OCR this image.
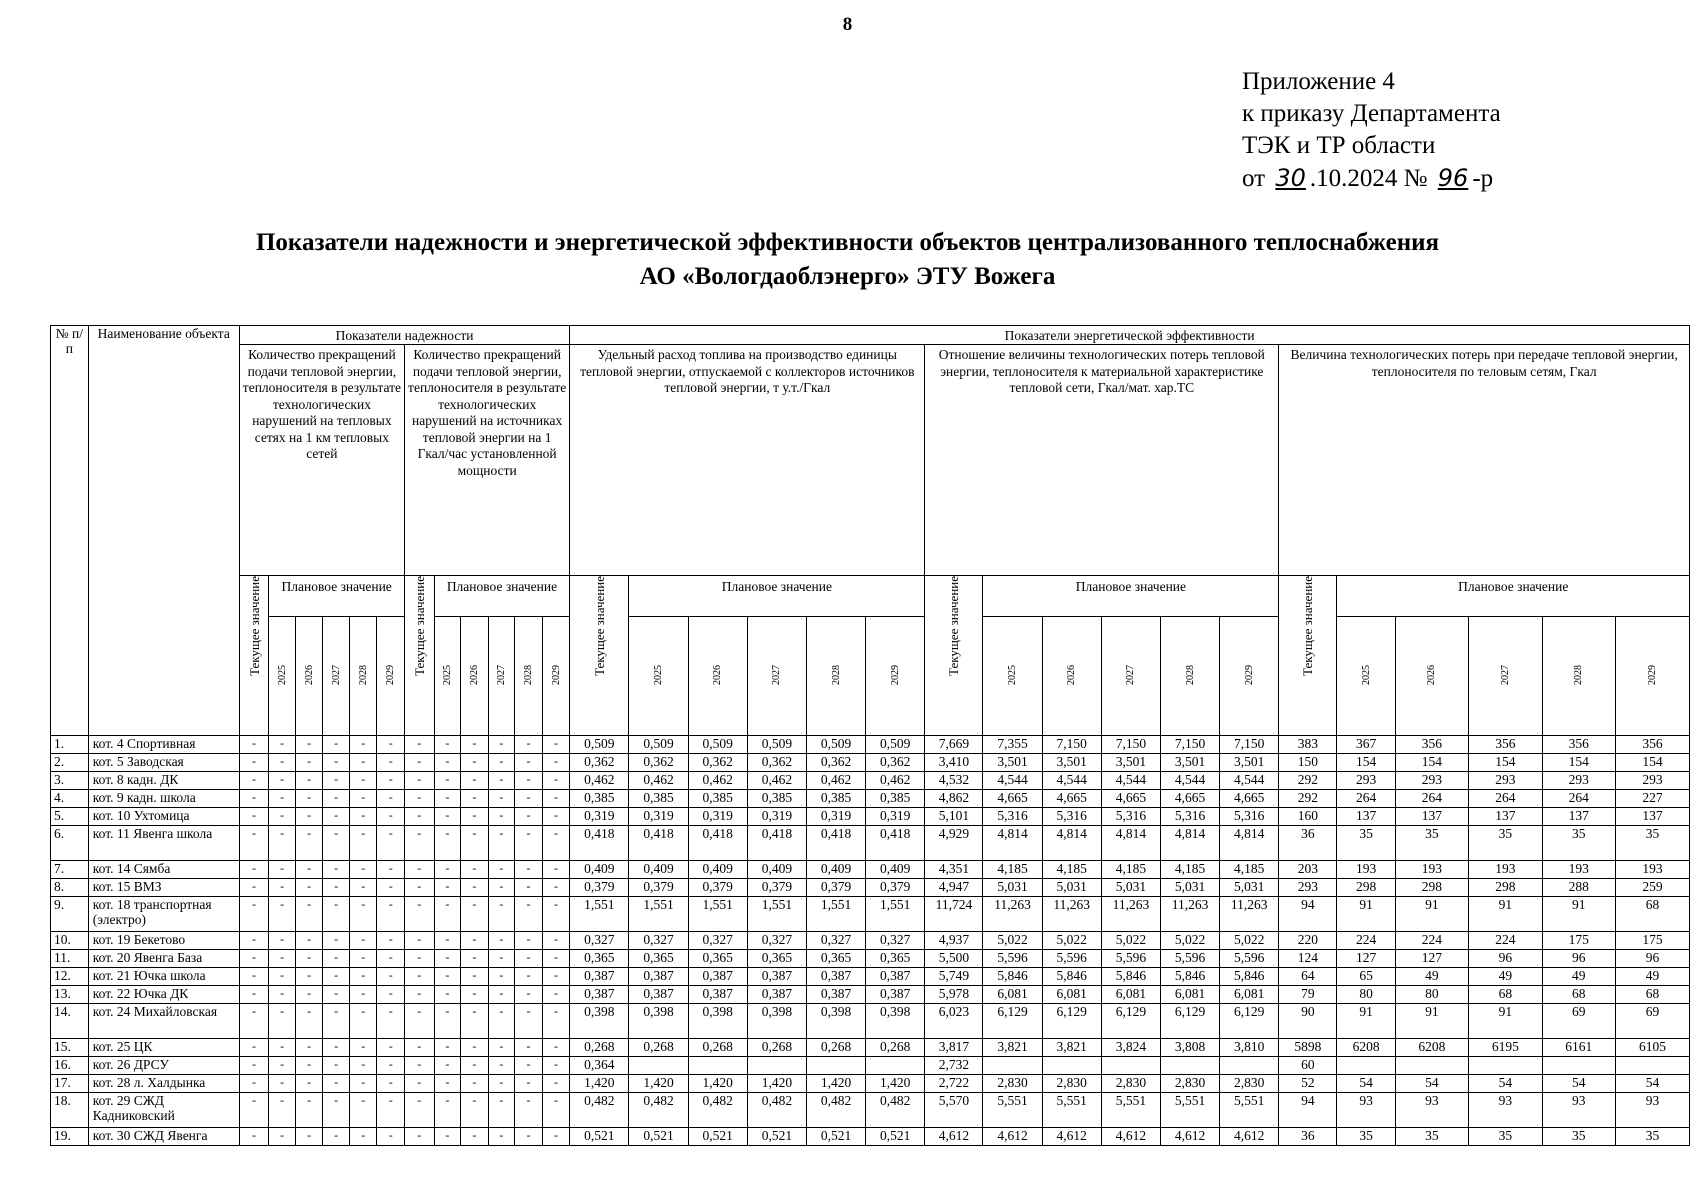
8
Приложение 4
к приказу Департамента
ТЭК и ТР области
от 30 .10.2024 № 96 -р
Показатели надежности и энергетической эффективности объектов централизованного теплоснабжения
АО «Вологдаоблэнерго» ЭТУ Вожега
№ п/п	Наименование объекта	Показатели надежности												Показатели энергетической эффективности																	
		Количество прекращений подачи тепловой энергии, теплоносителя в результате технологических нарушений на тепловых сетях на 1 км тепловых сетей						Количество прекращений подачи тепловой энергии, теплоносителя в результате технологических нарушений на источниках тепловой энергии на 1 Гкал/час установленной мощности						Удельный расход топлива на производство единицы тепловой энергии, отпускаемой с коллекторов источников тепловой энергии, т у.т./Гкал						Отношение величины технологических потерь тепловой энергии, теплоносителя к материальной характеристике тепловой сети, Гкал/мат. хар.ТС						Величина технологических потерь при передаче тепловой энергии, теплоносителя по теловым сетям, Гкал					
		Текущее значение	Плановое значение					Текущее значение	Плановое значение					Текущее значение	Плановое значение					Текущее значение	Плановое значение					Текущее значение	Плановое значение				
			2025	2026	2027	2028	2029		2025	2026	2027	2028	2029		2025	2026	2027	2028	2029		2025	2026	2027	2028	2029		2025	2026	2027	2028	2029
1.	кот. 4 Спортивная	-	-	-	-	-	-	-	-	-	-	-	-	0,509	0,509	0,509	0,509	0,509	0,509	7,669	7,355	7,150	7,150	7,150	7,150	383	367	356	356	356	356
2.	кот. 5 Заводская	-	-	-	-	-	-	-	-	-	-	-	-	0,362	0,362	0,362	0,362	0,362	0,362	3,410	3,501	3,501	3,501	3,501	3,501	150	154	154	154	154	154
3.	кот. 8 кадн. ДК	-	-	-	-	-	-	-	-	-	-	-	-	0,462	0,462	0,462	0,462	0,462	0,462	4,532	4,544	4,544	4,544	4,544	4,544	292	293	293	293	293	293
4.	кот. 9 кадн. школа	-	-	-	-	-	-	-	-	-	-	-	-	0,385	0,385	0,385	0,385	0,385	0,385	4,862	4,665	4,665	4,665	4,665	4,665	292	264	264	264	264	227
5.	кот. 10 Ухтомица	-	-	-	-	-	-	-	-	-	-	-	-	0,319	0,319	0,319	0,319	0,319	0,319	5,101	5,316	5,316	5,316	5,316	5,316	160	137	137	137	137	137
6.	кот. 11 Явенга школа	-	-	-	-	-	-	-	-	-	-	-	-	0,418	0,418	0,418	0,418	0,418	0,418	4,929	4,814	4,814	4,814	4,814	4,814	36	35	35	35	35	35
7.	кот. 14 Сямба	-	-	-	-	-	-	-	-	-	-	-	-	0,409	0,409	0,409	0,409	0,409	0,409	4,351	4,185	4,185	4,185	4,185	4,185	203	193	193	193	193	193
8.	кот. 15 ВМЗ	-	-	-	-	-	-	-	-	-	-	-	-	0,379	0,379	0,379	0,379	0,379	0,379	4,947	5,031	5,031	5,031	5,031	5,031	293	298	298	298	288	259
9.	кот. 18 транспортная (электро)	-	-	-	-	-	-	-	-	-	-	-	-	1,551	1,551	1,551	1,551	1,551	1,551	11,724	11,263	11,263	11,263	11,263	11,263	94	91	91	91	91	68
10.	кот. 19 Бекетово	-	-	-	-	-	-	-	-	-	-	-	-	0,327	0,327	0,327	0,327	0,327	0,327	4,937	5,022	5,022	5,022	5,022	5,022	220	224	224	224	175	175
11.	кот. 20 Явенга База	-	-	-	-	-	-	-	-	-	-	-	-	0,365	0,365	0,365	0,365	0,365	0,365	5,500	5,596	5,596	5,596	5,596	5,596	124	127	127	96	96	96
12.	кот. 21 Ючка школа	-	-	-	-	-	-	-	-	-	-	-	-	0,387	0,387	0,387	0,387	0,387	0,387	5,749	5,846	5,846	5,846	5,846	5,846	64	65	49	49	49	49
13.	кот. 22 Ючка ДК	-	-	-	-	-	-	-	-	-	-	-	-	0,387	0,387	0,387	0,387	0,387	0,387	5,978	6,081	6,081	6,081	6,081	6,081	79	80	80	68	68	68
14.	кот. 24 Михайловская	-	-	-	-	-	-	-	-	-	-	-	-	0,398	0,398	0,398	0,398	0,398	0,398	6,023	6,129	6,129	6,129	6,129	6,129	90	91	91	91	69	69
15.	кот. 25 ЦК	-	-	-	-	-	-	-	-	-	-	-	-	0,268	0,268	0,268	0,268	0,268	0,268	3,817	3,821	3,821	3,824	3,808	3,810	5898	6208	6208	6195	6161	6105
16.	кот. 26 ДРСУ	-	-	-	-	-	-	-	-	-	-	-	-	0,364						2,732						60					
17.	кот. 28 л. Халдынка	-	-	-	-	-	-	-	-	-	-	-	-	1,420	1,420	1,420	1,420	1,420	1,420	2,722	2,830	2,830	2,830	2,830	2,830	52	54	54	54	54	54
18.	кот. 29 СЖД Кадниковский	-	-	-	-	-	-	-	-	-	-	-	-	0,482	0,482	0,482	0,482	0,482	0,482	5,570	5,551	5,551	5,551	5,551	5,551	94	93	93	93	93	93
19.	кот. 30 СЖД Явенга	-	-	-	-	-	-	-	-	-	-	-	-	0,521	0,521	0,521	0,521	0,521	0,521	4,612	4,612	4,612	4,612	4,612	4,612	36	35	35	35	35	35
